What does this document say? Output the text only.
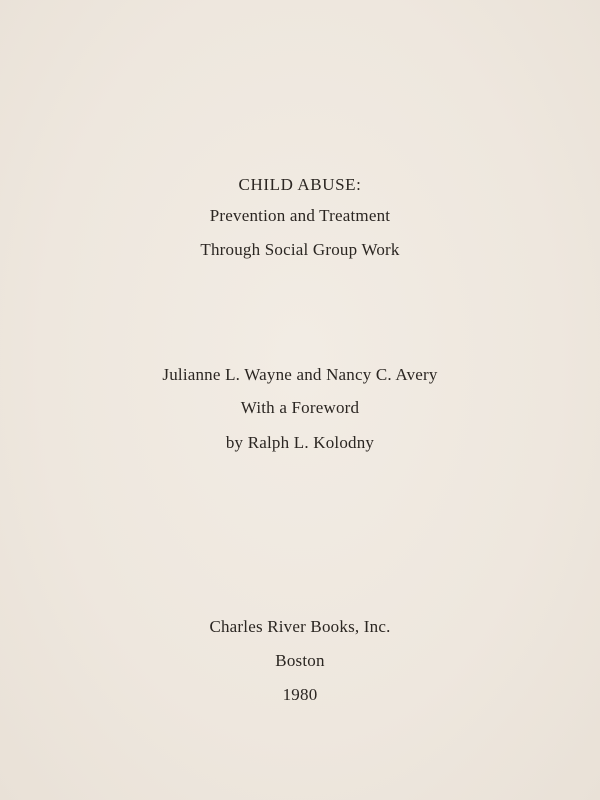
CHILD ABUSE:
Prevention and Treatment
Through Social Group Work
Julianne L. Wayne and Nancy C. Avery
With a Foreword
by Ralph L. Kolodny
Charles River Books, Inc.
Boston
1980
